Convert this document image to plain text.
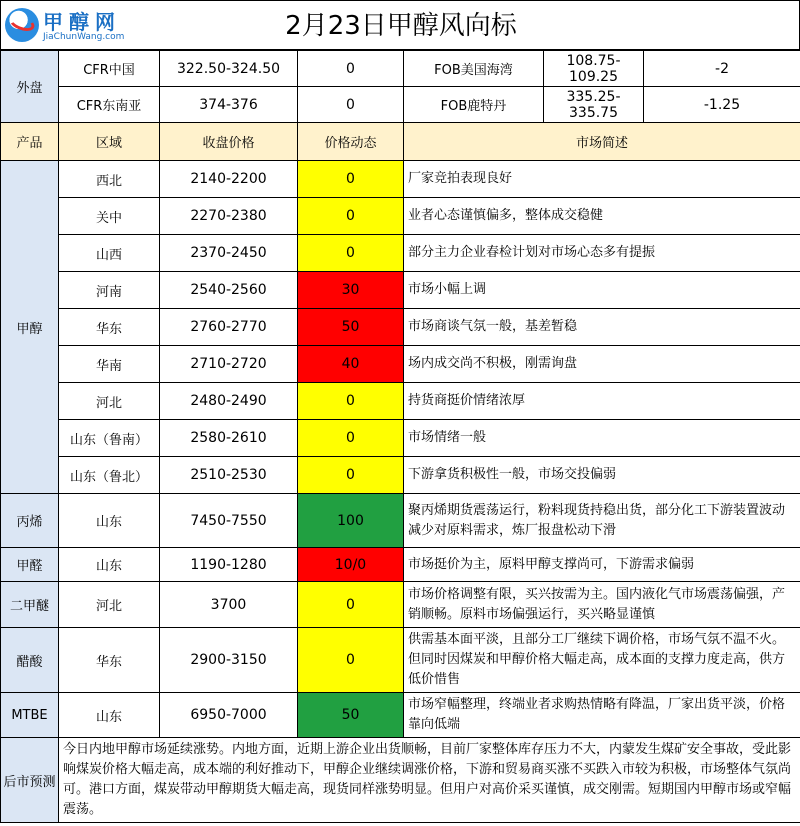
甲醇网
JiaChunWang.com	2月23日甲醇风向标
外盘	CFR中国	322.50-324.50	0	FOB美国海湾	108.75-109.25	-2
	CFR东南亚	374-376	0	FOB鹿特丹	335.25-335.75	-1.25
产品	区域	收盘价格	价格动态	市场简述		
甲醇	西北	2140-2200	0	厂家竞拍表现良好		
	关中	2270-2380	0	业者心态谨慎偏多，整体成交稳健		
	山西	2370-2450	0	部分主力企业春检计划对市场心态多有提振		
	河南	2540-2560	30	市场小幅上调		
	华东	2760-2770	50	市场商谈气氛一般，基差暂稳		
	华南	2710-2720	40	场内成交尚不积极，刚需询盘		
	河北	2480-2490	0	持货商挺价情绪浓厚		
	山东（鲁南）	2580-2610	0	市场情绪一般		
	山东（鲁北）	2510-2530	0	下游拿货积极性一般，市场交投偏弱		
丙烯	山东	7450-7550	100	聚丙烯期货震荡运行，粉料现货持稳出货，部分化工下游装置波动减少对原料需求，炼厂报盘松动下滑		
甲醛	山东	1190-1280	10/0	市场挺价为主，原料甲醇支撑尚可，下游需求偏弱		
二甲醚	河北	3700	0	市场价格调整有限，买兴按需为主。国内液化气市场震荡偏强，产销顺畅。原料市场偏强运行，买兴略显谨慎		
醋酸	华东	2900-3150	0	供需基本面平淡，且部分工厂继续下调价格，市场气氛不温不火。但同时因煤炭和甲醇价格大幅走高，成本面的支撑力度走高，供方低价惜售		
MTBE	山东	6950-7000	50	市场窄幅整理，终端业者求购热情略有降温，厂家出货平淡，价格靠向低端		
后市预测	今日内地甲醇市场延续涨势。内地方面，近期上游企业出货顺畅，目前厂家整体库存压力不大，内蒙发生煤矿安全事故，受此影响煤炭价格大幅走高，成本端的利好推动下，甲醇企业继续调涨价格，下游和贸易商买涨不买跌入市较为积极，市场整体气氛尚可。港口方面，煤炭带动甲醇期货大幅走高，现货同样涨势明显。但用户对高价采买谨慎，成交刚需。短期国内甲醇市场或窄幅震荡。					
